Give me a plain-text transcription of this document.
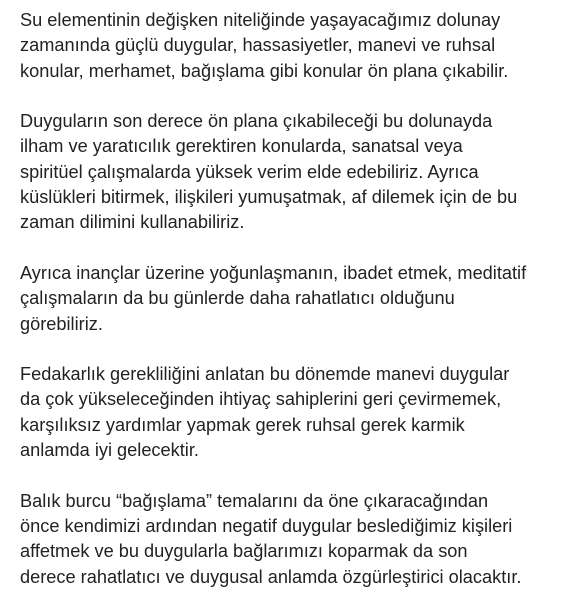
Su elementinin değişken niteliğinde yaşayacağımız dolunay
zamanında güçlü duygular, hassasiyetler, manevi ve ruhsal
konular, merhamet, bağışlama gibi konular ön plana çıkabilir.

Duyguların son derece ön plana çıkabileceği bu dolunayda
ilham ve yaratıcılık gerektiren konularda, sanatsal veya
spiritüel çalışmalarda yüksek verim elde edebiliriz. Ayrıca
küslükleri bitirmek, ilişkileri yumuşatmak, af dilemek için de bu
zaman dilimini kullanabiliriz.

Ayrıca inançlar üzerine yoğunlaşmanın, ibadet etmek, meditatif
çalışmaların da bu günlerde daha rahatlatıcı olduğunu
görebiliriz.

Fedakarlık gerekliliğini anlatan bu dönemde manevi duygular
da çok yükseleceğinden ihtiyaç sahiplerini geri çevirmemek,
karşılıksız yardımlar yapmak gerek ruhsal gerek karmik
anlamda iyi gelecektir.

Balık burcu “bağışlama” temalarını da öne çıkaracağından
önce kendimizi ardından negatif duygular beslediğimiz kişileri
affetmek ve bu duygularla bağlarımızı koparmak da son
derece rahatlatıcı ve duygusal anlamda özgürleştirici olacaktır.
